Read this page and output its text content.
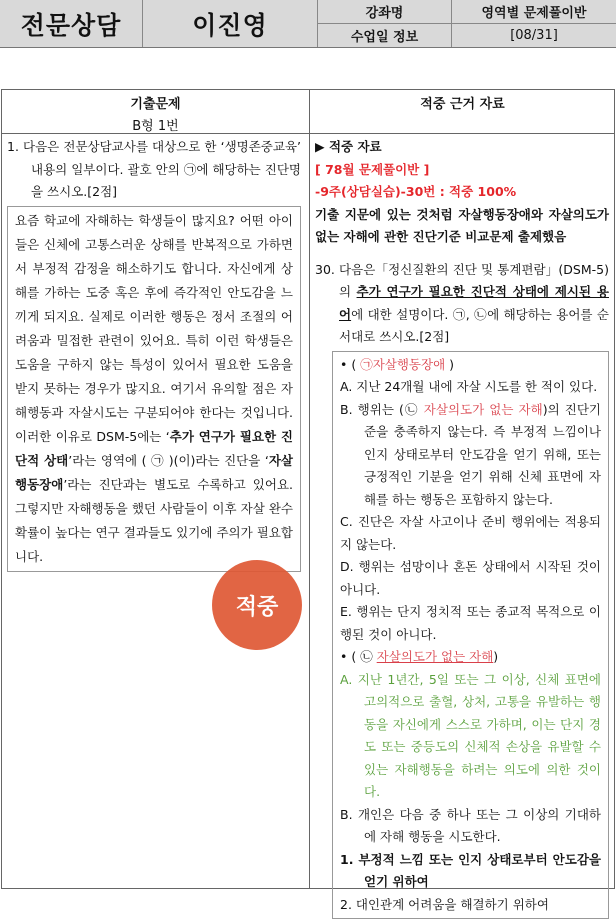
전문상담	이진영	강좌명	영역별 문제풀이반
수업일 정보	[08/31]
기출문제
B형 1번
적중 근거 자료
1. 다음은 전문상담교사를 대상으로 한 ‘생명존중교육’ 내용의 일부이다. 괄호 안의 ㉠에 해당하는 진단명을 쓰시오.[2점]
요즘 학교에 자해하는 학생들이 많지요? 어떤 아이들은 신체에 고통스러운 상해를 반복적으로 가하면서 부정적 감정을 해소하기도 합니다. 자신에게 상해를 가하는 도중 혹은 후에 즉각적인 안도감을 느끼게 되지요. 실제로 이러한 행동은 정서 조절의 어려움과 밀접한 관련이 있어요. 특히 이런 학생들은 도움을 구하지 않는 특성이 있어서 필요한 도움을 받지 못하는 경우가 많지요. 여기서 유의할 점은 자해행동과 자살시도는 구분되어야 한다는 것입니다. 이러한 이유로 DSM-5에는 ‘추가 연구가 필요한 진단적 상태’라는 영역에 ( ㉠ )(이)라는 진단을 ‘자살행동장애’라는 진단과는 별도로 수록하고 있어요. 그렇지만 자해행동을 했던 사람들이 이후 자살 완수 확률이 높다는 연구 결과들도 있기에 주의가 필요합니다.
▶ 적중 자료
[ 78월 문제풀이반 ]
-9주(상담실습)-30번 : 적중 100%
기출 지문에 있는 것처럼 자살행동장애와 자살의도가 없는 자해에 관한 진단기준 비교문제 출제했음
30. 다음은「정신질환의 진단 및 통계편람」(DSM-5)의 추가 연구가 필요한 진단적 상태에 제시된 용어에 대한 설명이다. ㉠, ㉡에 해당하는 용어를 순서대로 쓰시오.[2점]
• ( ㉠자살행동장애 )
A. 지난 24개월 내에 자살 시도를 한 적이 있다.
B. 행위는 (㉡ 자살의도가 없는 자해)의 진단기준을 충족하지 않는다. 즉 부정적 느낌이나 인지 상태로부터 안도감을 얻기 위해, 또는 긍정적인 기분을 얻기 위해 신체 표면에 자해를 하는 행동은 포함하지 않는다.
C. 진단은 자살 사고이나 준비 행위에는 적용되지 않는다.
D. 행위는 섬망이나 혼돈 상태에서 시작된 것이 아니다.
E. 행위는 단지 정치적 또는 종교적 목적으로 이행된 것이 아니다.
• ( ㉡ 자살의도가 없는 자해)
A. 지난 1년간, 5일 또는 그 이상, 신체 표면에 고의적으로 출혈, 상처, 고통을 유발하는 행동을 자신에게 스스로 가하며, 이는 단지 경도 또는 중등도의 신체적 손상을 유발할 수 있는 자해행동을 하려는 의도에 의한 것이다.
B. 개인은 다음 중 하나 또는 그 이상의 기대하에 자해 행동을 시도한다.
1. 부정적 느낌 또는 인지 상태로부터 안도감을 얻기 위하여
2. 대인관계 어려움을 해결하기 위하여
적중
